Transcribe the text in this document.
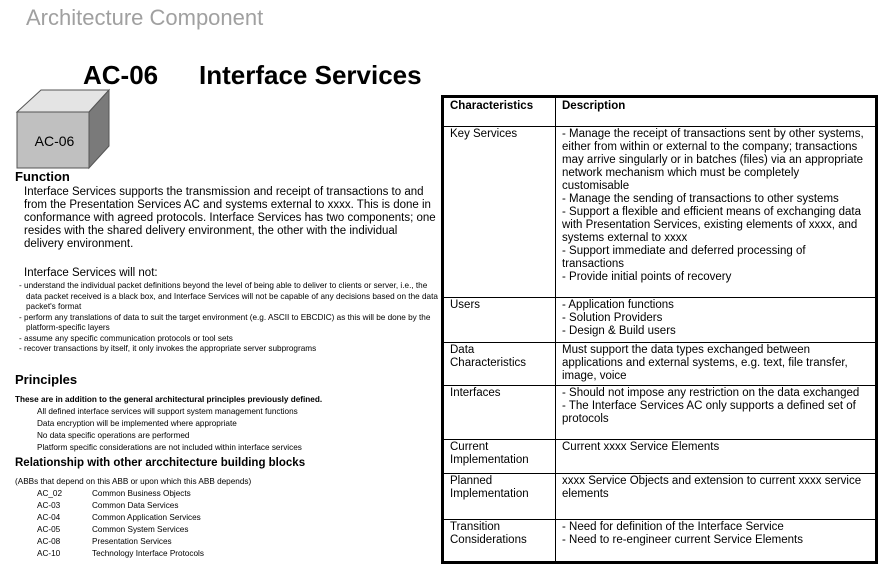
Architecture Component
AC-06 Interface Services
AC-06
Function
Interface Services supports the transmission and receipt of transactions to and from the Presentation Services AC and systems external to xxxx. This is done in conformance with agreed protocols. Interface Services has two components; one resides with the shared delivery environment, the other with the individual delivery environment.
Interface Services will not:
- understand the individual packet definitions beyond the level of being able to deliver to clients or server, i.e., the data packet received is a black box, and Interface Services will not be capable of any decisions based on the data packet's format
- perform any translations of data to suit the target environment (e.g. ASCII to EBCDIC) as this will be done by the platform-specific layers
- assume any specific communication protocols or tool sets
- recover transactions by itself, it only invokes the appropriate server subprograms
Principles
These are in addition to the general architectural principles previously defined.
All defined interface services will support system management functions
Data encryption will be implemented where appropriate
No data specific operations are performed
Platform specific considerations are not included within interface services
Relationship with other arcchitecture building blocks
(ABBs that depend on this ABB or upon which this ABB depends)
AC_02	Common Business Objects
AC-03	Common Data Services
AC-04	Common Application Services
AC-05	Common System Services
AC-08	Presentation Services
AC-10	Technology Interface Protocols
Characteristics	Description
Key Services	- Manage the receipt of transactions sent by other systems, either from within or external to the company; transactions may arrive singularly or in batches (files) via an appropriate network mechanism which must be completely customisable
- Manage the sending of transactions to other systems
- Support a flexible and efficient means of exchanging data with Presentation Services, existing elements of xxxx, and systems external to xxxx
- Support immediate and deferred processing of transactions
- Provide initial points of recovery

Users	- Application functions
- Solution Providers
- Design & Build users

Data Characteristics	Must support the data types exchanged between applications and external systems, e.g. text, file transfer, image, voice

Interfaces	- Should not impose any restriction on the data exchanged
- The Interface Services AC only supports a defined set of protocols

Current Implementation	Current xxxx Service Elements

Planned Implementation	xxxx Service Objects and extension to current xxxx service elements

Transition Considerations	- Need for definition of the Interface Service
- Need to re-engineer current Service Elements
